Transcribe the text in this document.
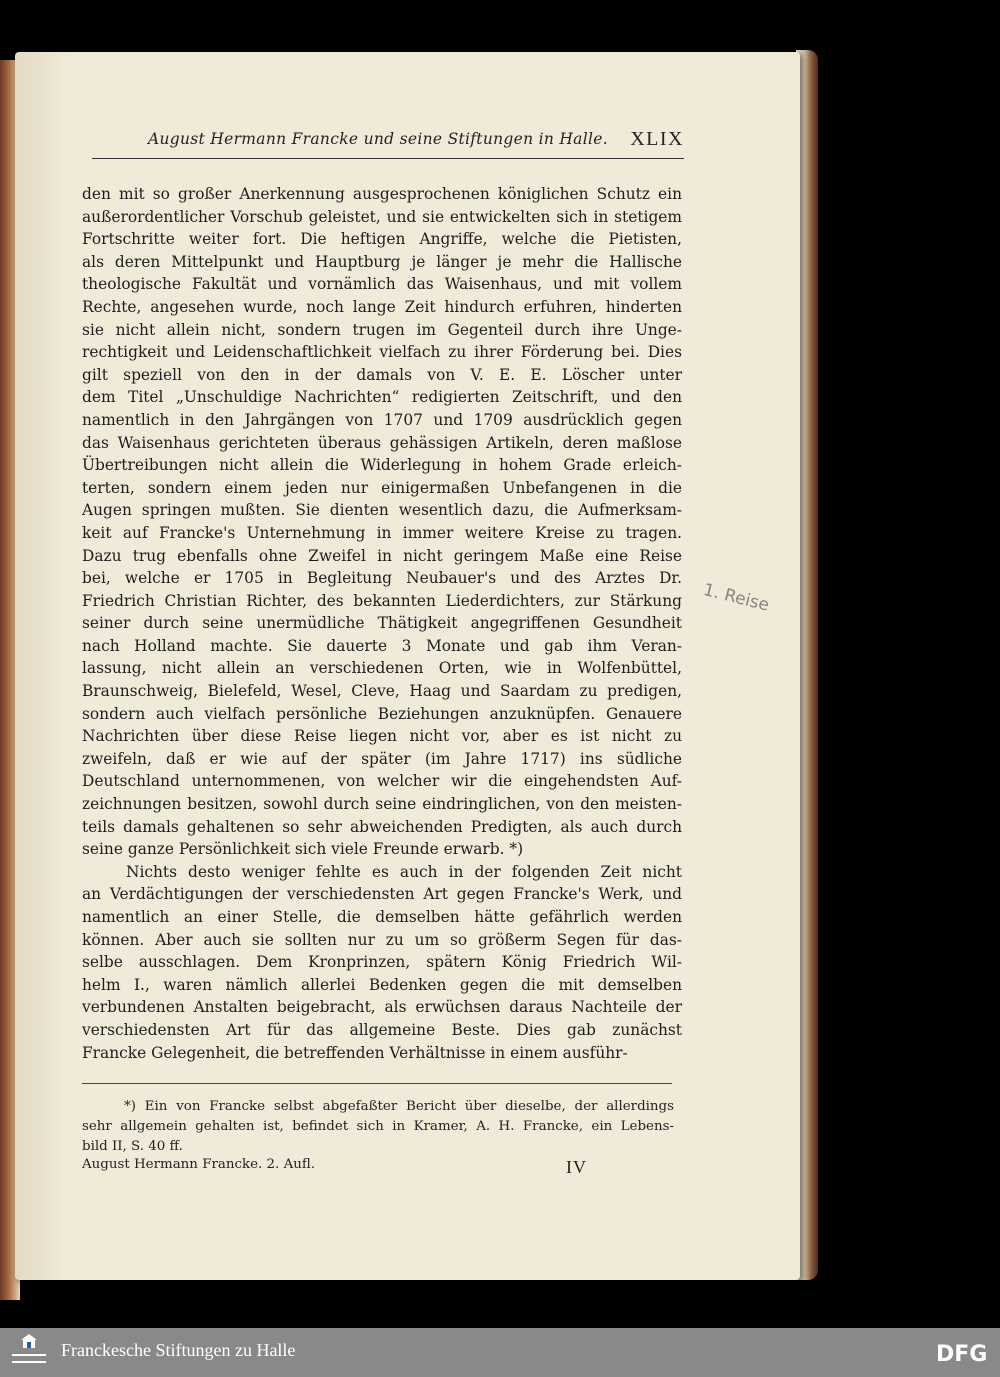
August Hermann Francke und seine Stiftungen in Halle. XLIX
den mit so großer Anerkennung ausgesprochenen königlichen Schutz ein
außerordentlicher Vorschub geleistet, und sie entwickelten sich in stetigem
Fortschritte weiter fort. Die heftigen Angriffe, welche die Pietisten,
als deren Mittelpunkt und Hauptburg je länger je mehr die Hallische
theologische Fakultät und vornämlich das Waisenhaus, und mit vollem
Rechte, angesehen wurde, noch lange Zeit hindurch erfuhren, hinderten
sie nicht allein nicht, sondern trugen im Gegenteil durch ihre Unge-
rechtigkeit und Leidenschaftlichkeit vielfach zu ihrer Förderung bei. Dies
gilt speziell von den in der damals von V. E. E. Löscher unter
dem Titel „Unschuldige Nachrichten“ redigierten Zeitschrift, und den
namentlich in den Jahrgängen von 1707 und 1709 ausdrücklich gegen
das Waisenhaus gerichteten überaus gehässigen Artikeln, deren maßlose
Übertreibungen nicht allein die Widerlegung in hohem Grade erleich-
terten, sondern einem jeden nur einigermaßen Unbefangenen in die
Augen springen mußten. Sie dienten wesentlich dazu, die Aufmerksam-
keit auf Francke's Unternehmung in immer weitere Kreise zu tragen.
Dazu trug ebenfalls ohne Zweifel in nicht geringem Maße eine Reise
bei, welche er 1705 in Begleitung Neubauer's und des Arztes Dr.
Friedrich Christian Richter, des bekannten Liederdichters, zur Stärkung
seiner durch seine unermüdliche Thätigkeit angegriffenen Gesundheit
nach Holland machte. Sie dauerte 3 Monate und gab ihm Veran-
lassung, nicht allein an verschiedenen Orten, wie in Wolfenbüttel,
Braunschweig, Bielefeld, Wesel, Cleve, Haag und Saardam zu predigen,
sondern auch vielfach persönliche Beziehungen anzuknüpfen. Genauere
Nachrichten über diese Reise liegen nicht vor, aber es ist nicht zu
zweifeln, daß er wie auf der später (im Jahre 1717) ins südliche
Deutschland unternommenen, von welcher wir die eingehendsten Auf-
zeichnungen besitzen, sowohl durch seine eindringlichen, von den meisten-
teils damals gehaltenen so sehr abweichenden Predigten, als auch durch
seine ganze Persönlichkeit sich viele Freunde erwarb. *)
Nichts desto weniger fehlte es auch in der folgenden Zeit nicht
an Verdächtigungen der verschiedensten Art gegen Francke's Werk, und
namentlich an einer Stelle, die demselben hätte gefährlich werden
können. Aber auch sie sollten nur zu um so größerm Segen für das-
selbe ausschlagen. Dem Kronprinzen, spätern König Friedrich Wil-
helm I., waren nämlich allerlei Bedenken gegen die mit demselben
verbundenen Anstalten beigebracht, als erwüchsen daraus Nachteile der
verschiedensten Art für das allgemeine Beste. Dies gab zunächst
Francke Gelegenheit, die betreffenden Verhältnisse in einem ausführ-
1. Reise
*) Ein von Francke selbst abgefaßter Bericht über dieselbe, der allerdings
sehr allgemein gehalten ist, befindet sich in Kramer, A. H. Francke, ein Lebens-
bild II, S. 40 ff.
August Hermann Francke. 2. Aufl.	IV
Franckesche Stiftungen zu Halle	DFG
